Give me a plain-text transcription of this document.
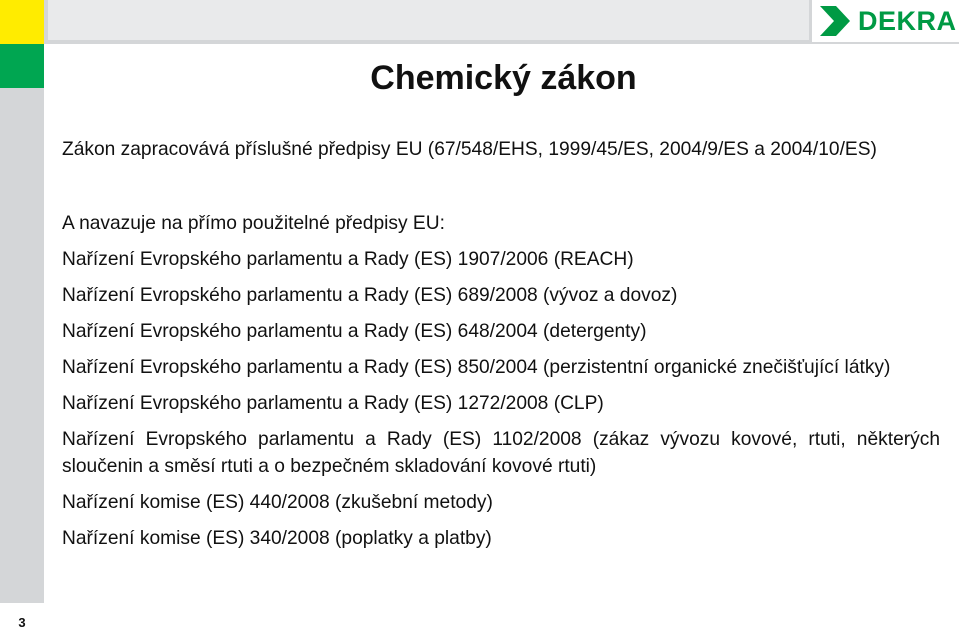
DEKRA
3
Chemický zákon

Zákon zapracovává příslušné předpisy EU (67/548/EHS, 1999/45/ES, 2004/9/ES a 2004/10/ES)

A navazuje na přímo použitelné předpisy EU:

Nařízení Evropského parlamentu a Rady (ES) 1907/2006 (REACH)

Nařízení Evropského parlamentu a Rady (ES) 689/2008 (vývoz a dovoz)

Nařízení Evropského parlamentu a Rady (ES) 648/2004 (detergenty)

Nařízení Evropského parlamentu a Rady (ES) 850/2004 (perzistentní organické znečišťující látky)

Nařízení Evropského parlamentu a Rady (ES) 1272/2008 (CLP)

Nařízení Evropského parlamentu a Rady (ES) 1102/2008 (zákaz vývozu kovové, rtuti, některých sloučenin a směsí rtuti a o bezpečném skladování kovové rtuti)

Nařízení komise (ES) 440/2008 (zkušební metody)

Nařízení komise (ES) 340/2008 (poplatky a platby)
